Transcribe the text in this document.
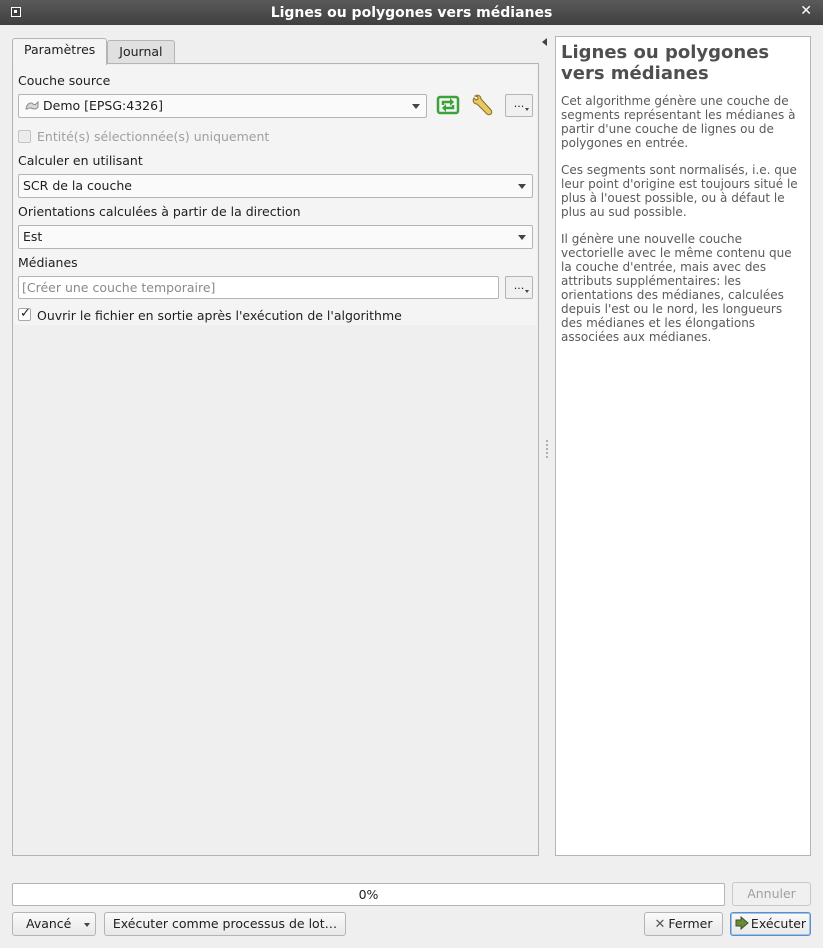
Lignes ou polygones vers médianes	✕
Paramètres	Journal
Couche source
Demo [EPSG:4326]	...
Entité(s) sélectionnée(s) uniquement
Calculer en utilisant
SCR de la couche
Orientations calculées à partir de la direction
Est
Médianes
[Créer une couche temporaire]	...
✓
Ouvrir le fichier en sortie après l'exécution de l'algorithme
Lignes ou polygones vers médianes

Cet algorithme génère une couche de segments représentant les médianes à partir d'une couche de lignes ou de polygones en entrée.

Ces segments sont normalisés, i.e. que leur point d'origine est toujours situé le plus à l'ouest possible, ou à défaut le plus au sud possible.

Il génère une nouvelle couche vectorielle avec le même contenu que la couche d'entrée, mais avec des attributs supplémentaires: les orientations des médianes, calculées depuis l'est ou le nord, les longueurs des médianes et les élongations associées aux médianes.

0%	Annuler
Avancé	Exécuter comme processus de lot…	✕ Fermer	Exécuter
